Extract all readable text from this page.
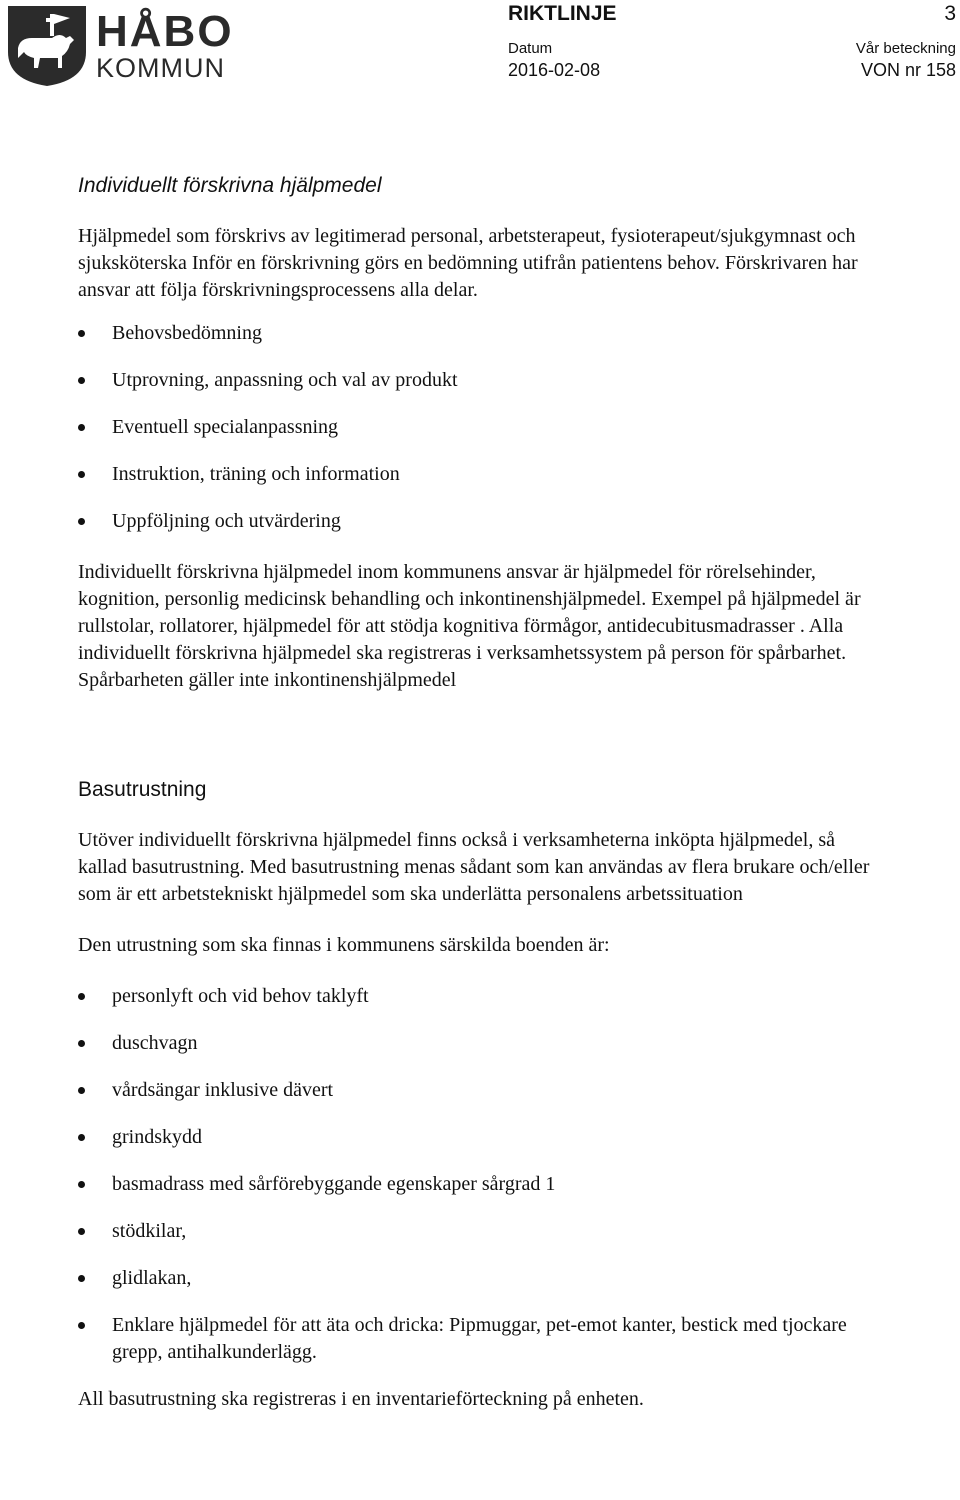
HÅBO
KOMMUN
RIKTLINJE	3
Datum
2016-02-08
Vår beteckning
VON nr 158
Individuellt förskrivna hjälpmedel

Hjälpmedel som förskrivs av legitimerad personal, arbetsterapeut, fysioterapeut/sjukgymnast och sjuksköterska Inför en förskrivning görs en bedömning utifrån patientens behov. Förskrivaren har ansvar att följa förskrivningsprocessens alla delar.

Behovsbedömning
Utprovning, anpassning och val av produkt
Eventuell specialanpassning
Instruktion, träning och information
Uppföljning och utvärdering

Individuellt förskrivna hjälpmedel inom kommunens ansvar är hjälpmedel för rörelsehinder, kognition, personlig medicinsk behandling och inkontinenshjälpmedel. Exempel på hjälpmedel är rullstolar, rollatorer, hjälpmedel för att stödja kognitiva förmågor, antidecubitusmadrasser . Alla individuellt förskrivna hjälpmedel ska registreras i verksamhetssystem på person för spårbarhet. Spårbarheten gäller inte inkontinenshjälpmedel

Basutrustning

Utöver individuellt förskrivna hjälpmedel finns också i verksamheterna inköpta hjälpmedel, så kallad basutrustning. Med basutrustning menas sådant som kan användas av flera brukare och/eller som är ett arbetstekniskt hjälpmedel som ska underlätta personalens arbetssituation

Den utrustning som ska finnas i kommunens särskilda boenden är:

personlyft och vid behov taklyft
duschvagn
vårdsängar inklusive dävert
grindskydd
basmadrass med sårförebyggande egenskaper sårgrad 1
stödkilar,
glidlakan,
Enklare hjälpmedel för att äta och dricka: Pipmuggar, pet-emot kanter, bestick med tjockare grepp, antihalkunderlägg.

All basutrustning ska registreras i en inventarieförteckning på enheten.
